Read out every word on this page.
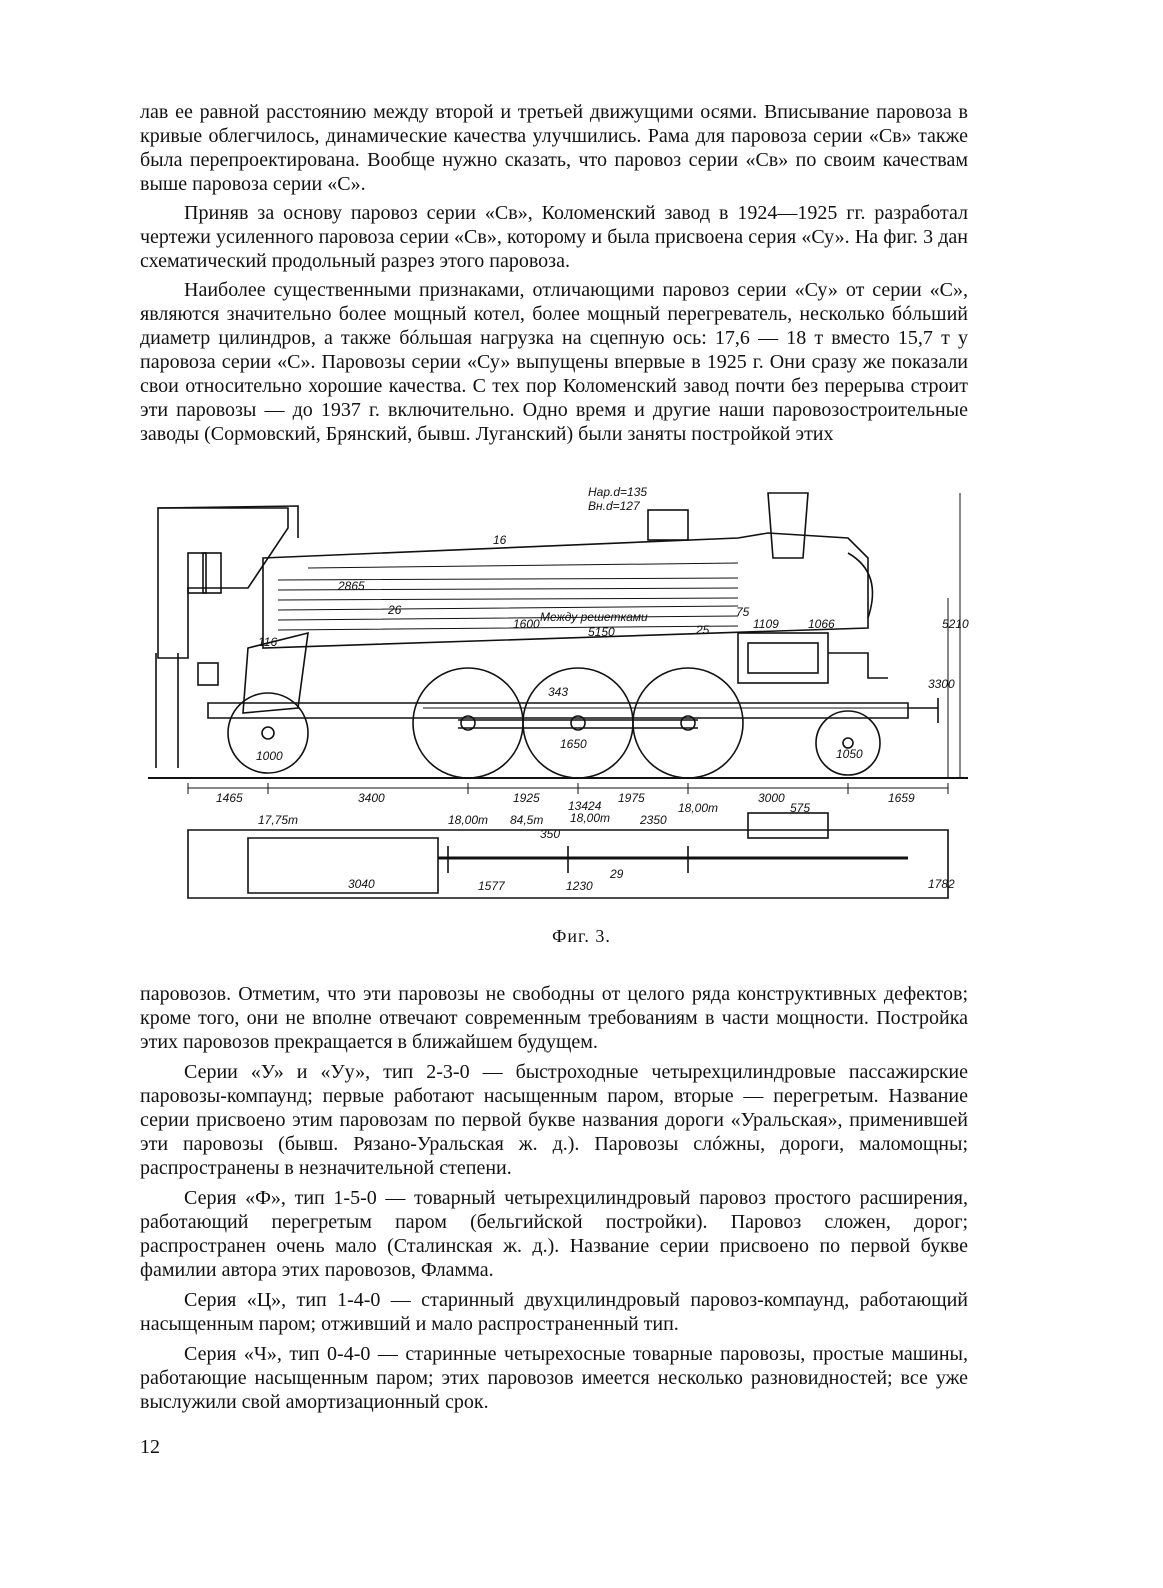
лав ее равной расстоянию между второй и третьей движущими осями. Вписывание паровоза в кривые облегчилось, динамические качества улучшились. Рама для паровоза серии «Св» также была перепроектирована. Вообще нужно сказать, что паровоз серии «Св» по своим качествам выше паровоза серии «С».

Приняв за основу паровоз серии «Св», Коломенский завод в 1924—1925 гг. разработал чертежи усиленного паровоза серии «Св», которому и была присвоена серия «Су». На фиг. 3 дан схематический продольный разрез этого паровоза.

Наиболее существенными признаками, отличающими паровоз серии «Су» от серии «С», являются значительно более мощный котел, более мощный перегреватель, несколько бóльший диаметр цилиндров, а также бóльшая нагрузка на сцепную ось: 17,6 — 18 т вместо 15,7 т у паровоза серии «С». Паровозы серии «Су» выпущены впервые в 1925 г. Они сразу же показали свои относительно хорошие качества. С тех пор Коломенский завод почти без перерыва строит эти паровозы — до 1937 г. включительно. Одно время и другие наши паровозостроительные заводы (Сормовский, Брянский, бывш. Луганский) были заняты постройкой этих

Нар.d=135
Вн.d=127
16
2865
26
1600 Между решетками
5150	25
75
1109 1066
116
343
1650
1050
1000
3300
5210
1465	3400	1925	1975	3000	1659
17,75т	18,00т 84,5т
13424
18,00т
18,00т
2350
575
350
3040	1577	1230
29
1782
Фиг. 3.

паровозов. Отметим, что эти паровозы не свободны от целого ряда конструктивных дефектов; кроме того, они не вполне отвечают современным требованиям в части мощности. Постройка этих паровозов прекращается в ближайшем будущем.

Серии «У» и «Уу», тип 2-3-0 — быстроходные четырехцилиндровые пассажирские паровозы-компаунд; первые работают насыщенным паром, вторые — перегретым. Название серии присвоено этим паровозам по первой букве названия дороги «Уральская», применившей эти паровозы (бывш. Рязано-Уральская ж. д.). Паровозы слóжны, дороги, маломощны; распространены в незначительной степени.

Серия «Ф», тип 1-5-0 — товарный четырехцилиндровый паровоз простого расширения, работающий перегретым паром (бельгийской постройки). Паровоз сложен, дорог; распространен очень мало (Сталинская ж. д.). Название серии присвоено по первой букве фамилии автора этих паровозов, Фламма.

Серия «Ц», тип 1-4-0 — старинный двухцилиндровый паровоз-компаунд, работающий насыщенным паром; отживший и мало распространенный тип.

Серия «Ч», тип 0-4-0 — старинные четырехосные товарные паровозы, простые машины, работающие насыщенным паром; этих паровозов имеется несколько разновидностей; все уже выслужили свой амортизационный срок.

12
